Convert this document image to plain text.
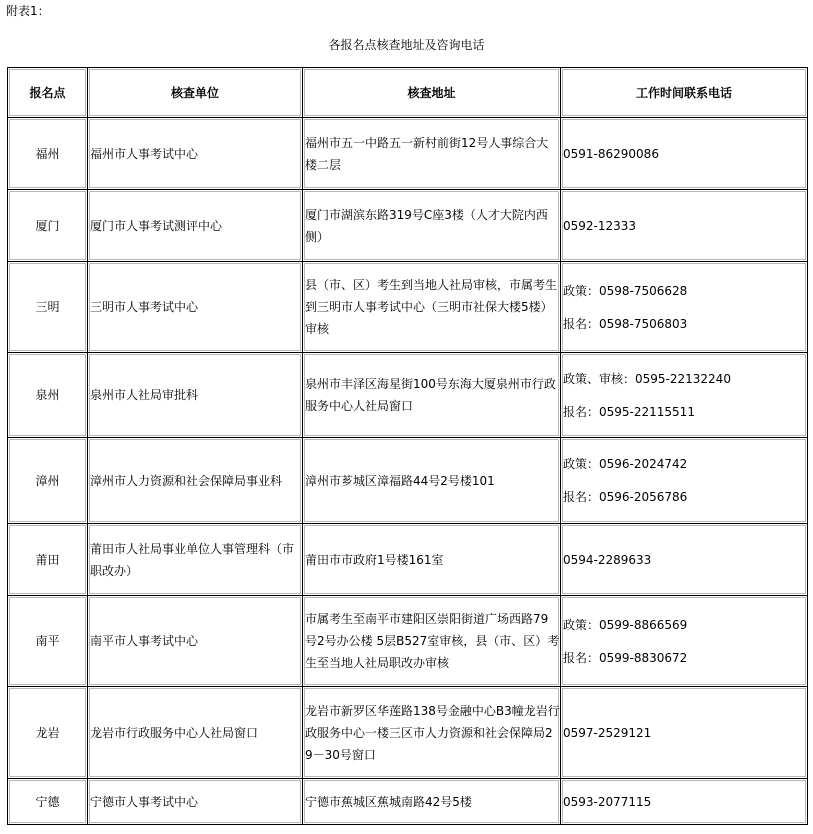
附表1：
各报名点核查地址及咨询电话
报名点	核查单位	核查地址	工作时间联系电话
福州	福州市人事考试中心	福州市五一中路五一新村前街12号人事综合大楼二层	0591-86290086

厦门	厦门市人事考试测评中心	厦门市湖滨东路319号C座3楼（人才大院内西侧）	0592-12333

三明	三明市人事考试中心	县（市、区）考生到当地人社局审核，市属考生到三明市人事考试中心（三明市社保大楼5楼）审核	政策：0598-7506628
报名：0598-7506803

泉州	泉州市人社局审批科	泉州市丰泽区海星街100号东海大厦泉州市行政服务中心人社局窗口	政策、审核：0595-22132240
报名：0595-22115511

漳州	漳州市人力资源和社会保障局事业科	漳州市芗城区漳福路44号2号楼101	政策：0596-2024742
报名：0596-2056786

莆田	莆田市人社局事业单位人事管理科（市职改办）	莆田市市政府1号楼161室	0594-2289633

南平	南平市人事考试中心	市属考生至南平市建阳区崇阳街道广场西路79号2号办公楼 5层B527室审核，县（市、区）考生至当地人社局职改办审核	政策：0599-8866569
报名：0599-8830672

龙岩	龙岩市行政服务中心人社局窗口	龙岩市新罗区华莲路138号金融中心B3幢龙岩行政服务中心一楼三区市人力资源和社会保障局29－30号窗口	0597-2529121

宁德	宁德市人事考试中心	宁德市蕉城区蕉城南路42号5楼	0593-2077115
